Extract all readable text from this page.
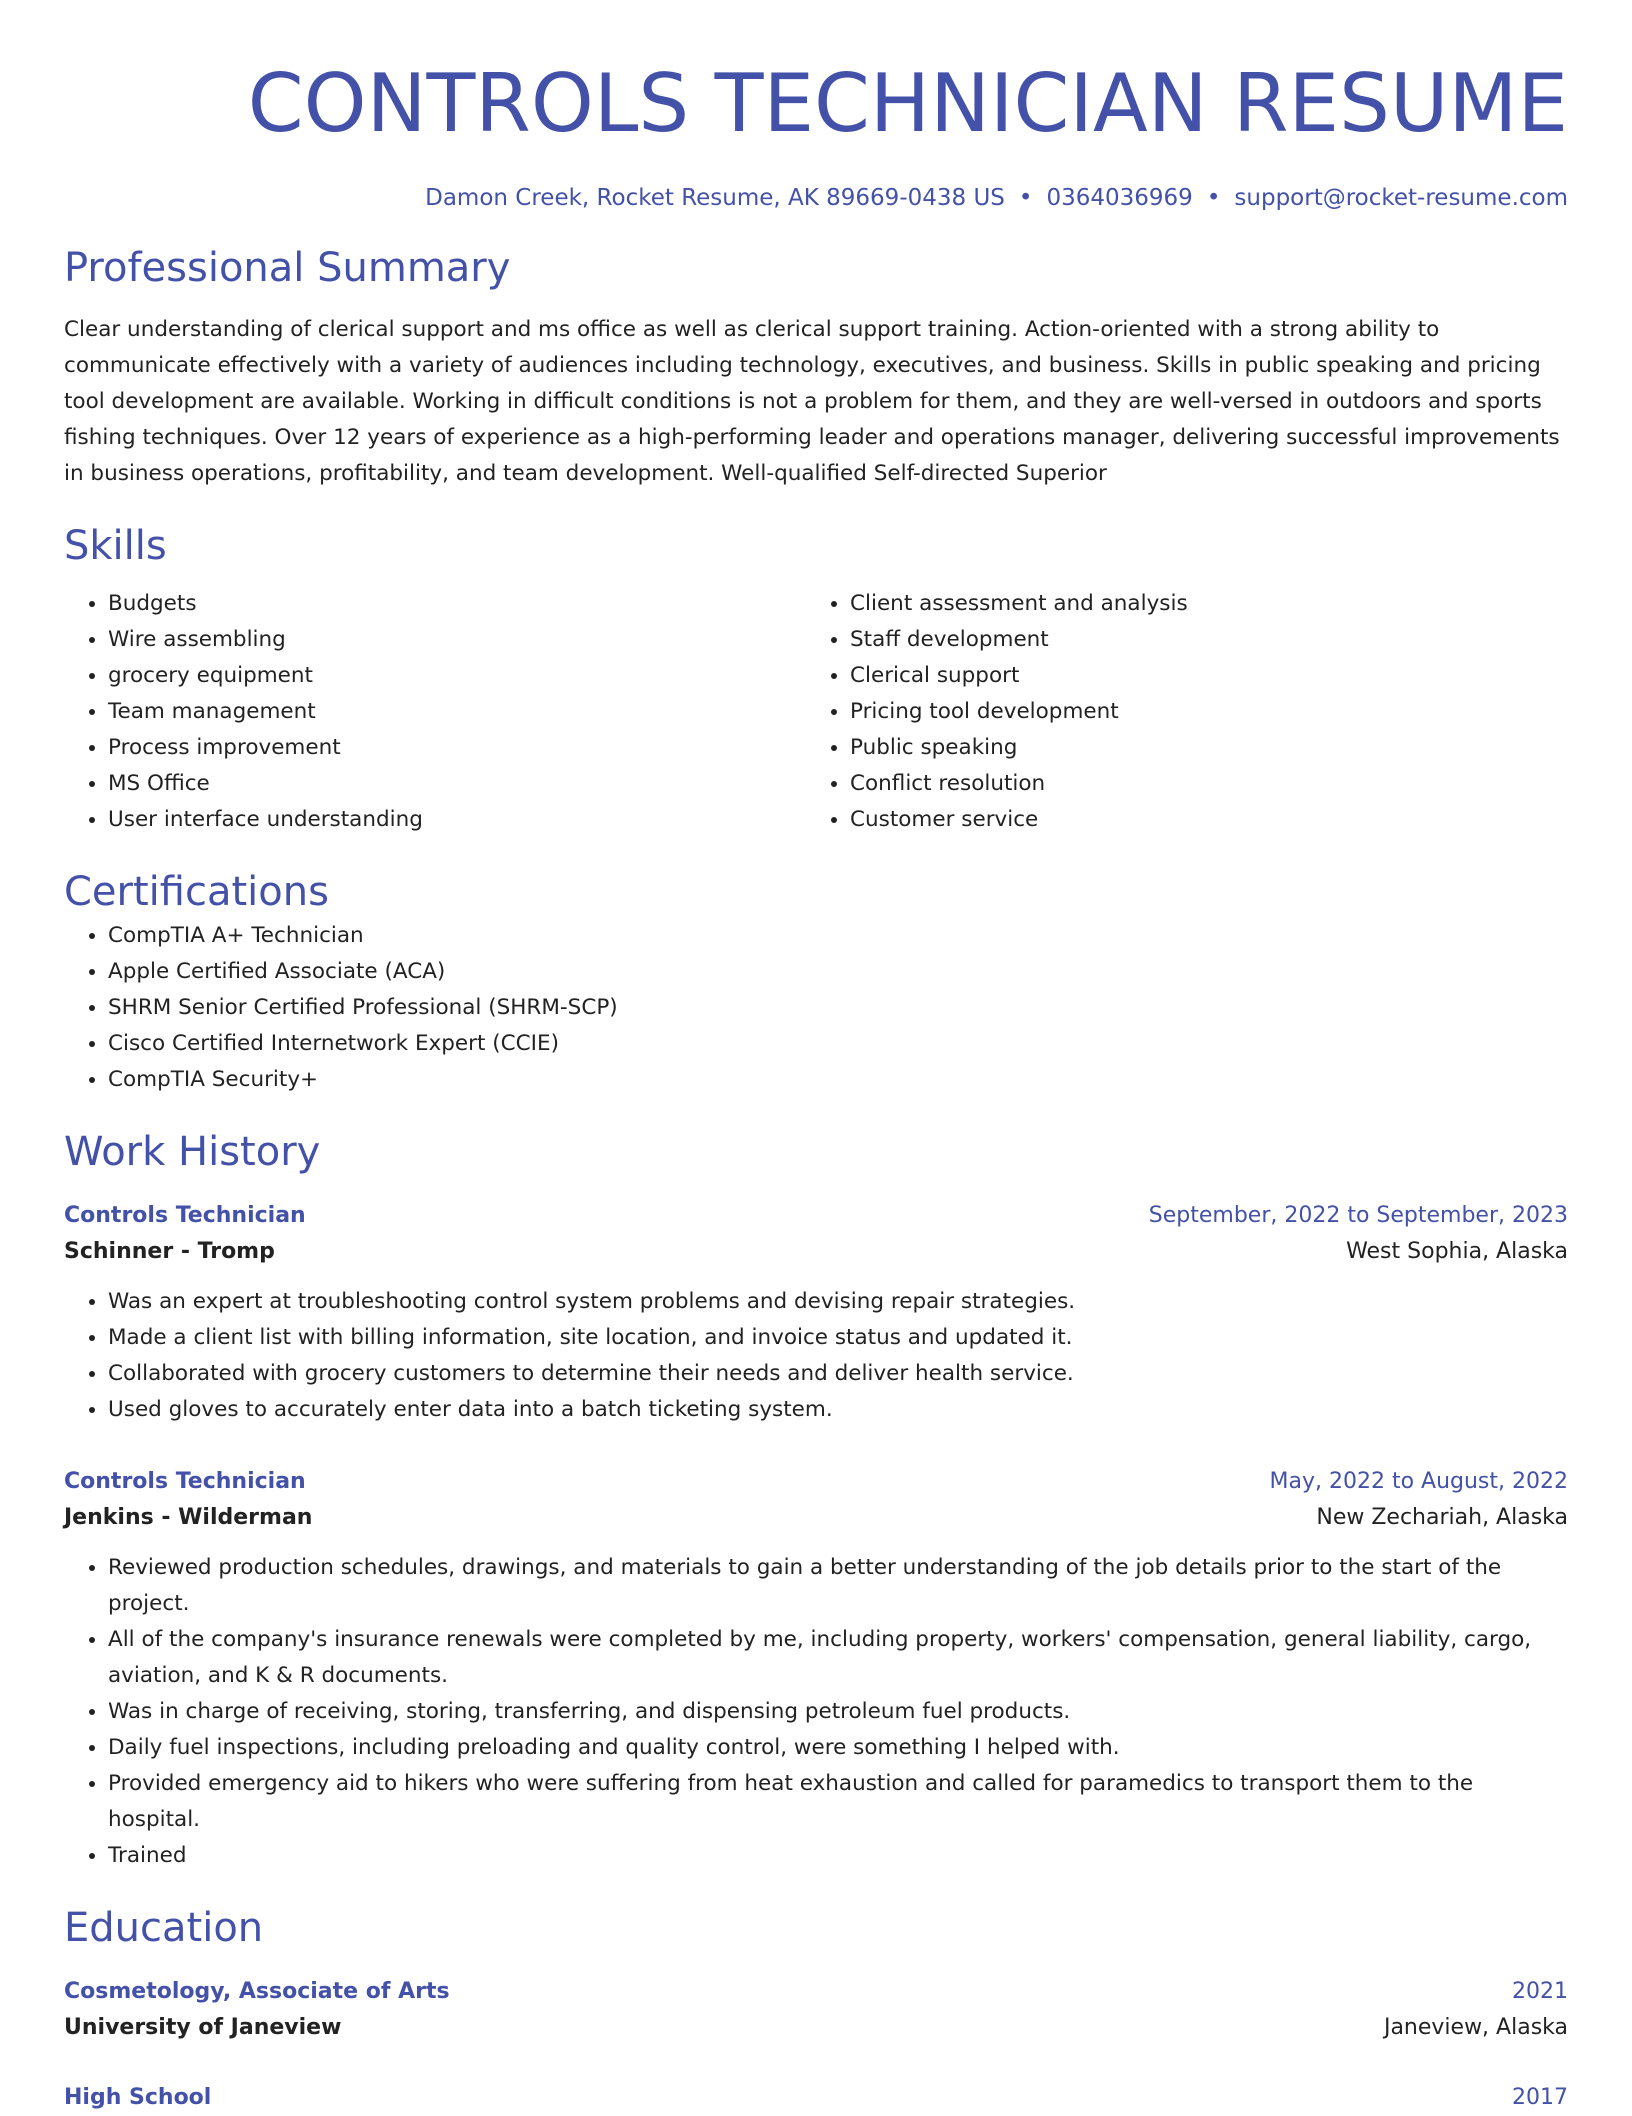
CONTROLS TECHNICIAN RESUME
Damon Creek, Rocket Resume, AK 89669-0438 US • 0364036969 • support@rocket-resume.com
Professional Summary

Clear understanding of clerical support and ms office as well as clerical support training. Action-oriented with a strong ability to communicate effectively with a variety of audiences including technology, executives, and business. Skills in public speaking and pricing tool development are available. Working in difficult conditions is not a problem for them, and they are well-versed in outdoors and sports fishing techniques. Over 12 years of experience as a high-performing leader and operations manager, delivering successful improvements in business operations, profitability, and team development. Well-qualified Self-directed Superior

Skills
• Budgets
• Wire assembling
• grocery equipment
• Team management
• Process improvement
• MS Office
• User interface understanding
• Client assessment and analysis
• Staff development
• Clerical support
• Pricing tool development
• Public speaking
• Conflict resolution
• Customer service
Certifications
• CompTIA A+ Technician
• Apple Certified Associate (ACA)
• SHRM Senior Certified Professional (SHRM-SCP)
• Cisco Certified Internetwork Expert (CCIE)
• CompTIA Security+
Work History
Controls Technician	September, 2022 to September, 2023
Schinner - Tromp	West Sophia, Alaska
• Was an expert at troubleshooting control system problems and devising repair strategies.
• Made a client list with billing information, site location, and invoice status and updated it.
• Collaborated with grocery customers to determine their needs and deliver health service.
• Used gloves to accurately enter data into a batch ticketing system.
Controls Technician	May, 2022 to August, 2022
Jenkins - Wilderman	New Zechariah, Alaska
• Reviewed production schedules, drawings, and materials to gain a better understanding of the job details prior to the start of the project.
• All of the company's insurance renewals were completed by me, including property, workers' compensation, general liability, cargo, aviation, and K & R documents.
• Was in charge of receiving, storing, transferring, and dispensing petroleum fuel products.
• Daily fuel inspections, including preloading and quality control, were something I helped with.
• Provided emergency aid to hikers who were suffering from heat exhaustion and called for paramedics to transport them to the hospital.
• Trained
Education
Cosmetology, Associate of Arts	2021
University of Janeview	Janeview, Alaska
High School	2017
